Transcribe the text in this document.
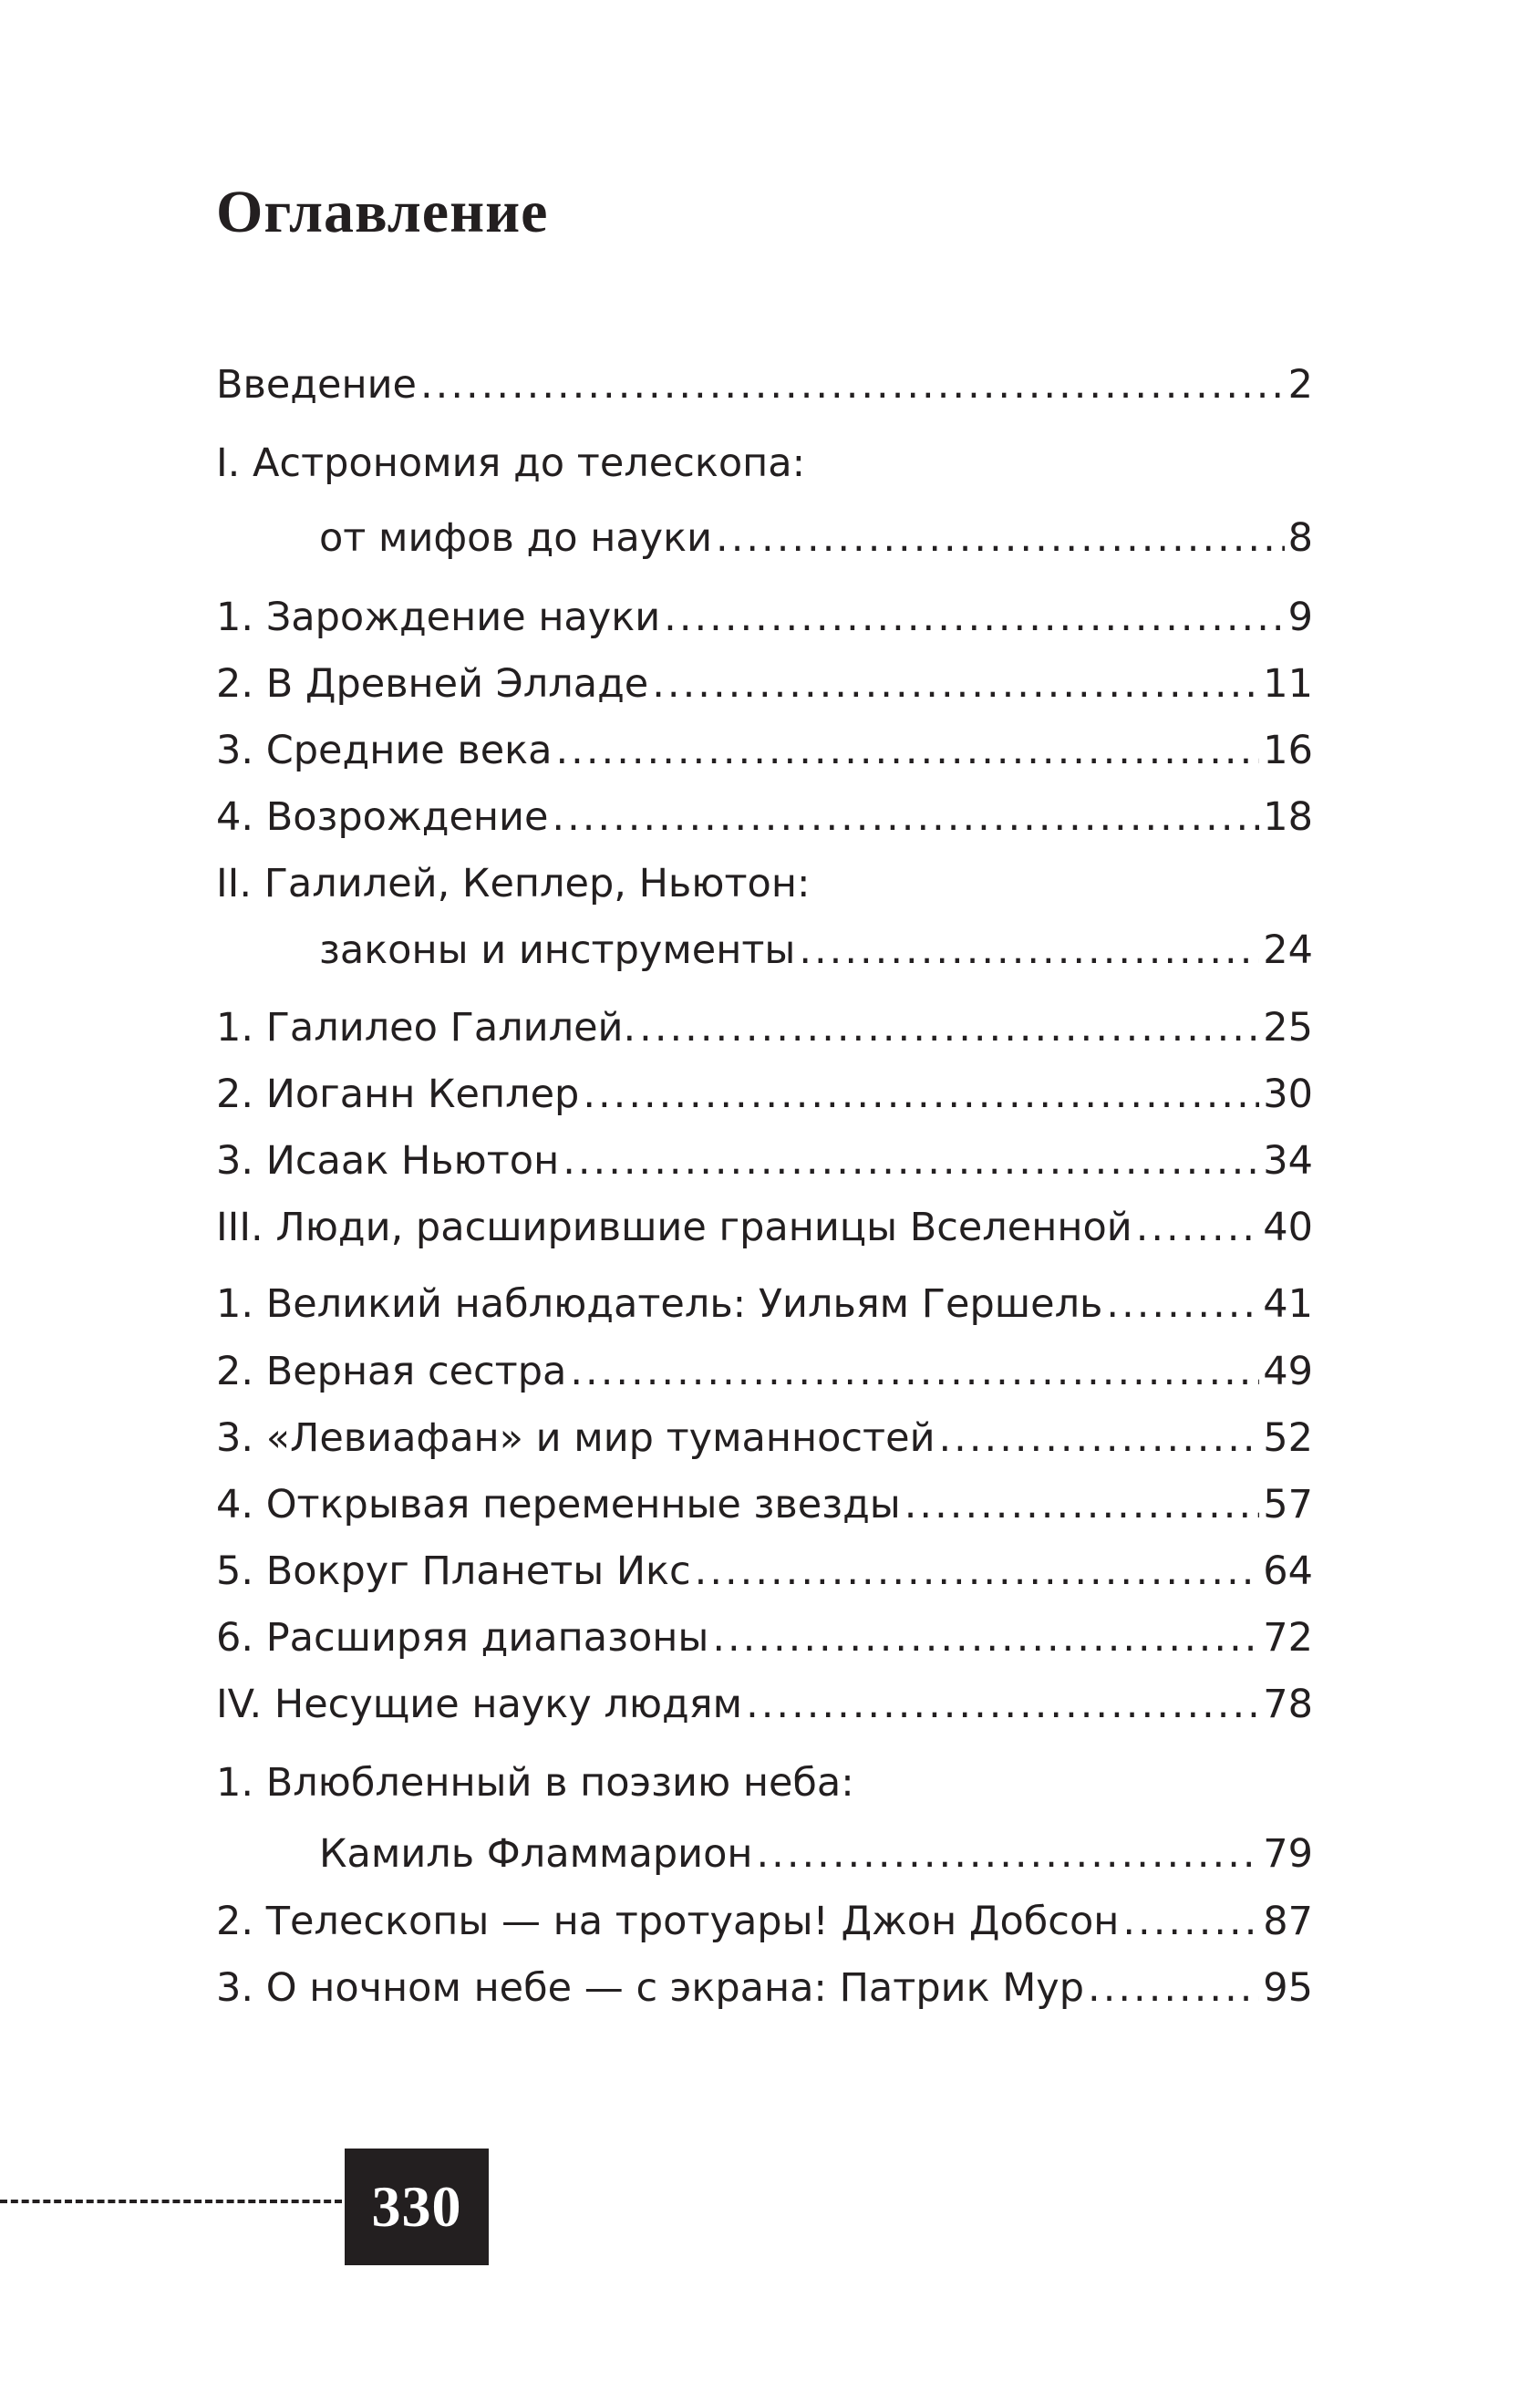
Оглавление
Введение .....	2
I. Астрономия до телескопа:
от мифов до науки .....	8
1. Зарождение науки .....	9
2. В Древней Элладе .....	11
3. Средние века .....	16
4. Возрождение .....	18
II. Галилей, Кеплер, Ньютон:
законы и инструменты .....	24
1. Галилео Галилей. .....	25
2. Иоганн Кеплер .....	30
3. Исаак Ньютон .....	34
III. Люди, расширившие границы Вселенной .....	40
1. Великий наблюдатель: Уильям Гершель .....	41
2. Верная сестра .....	49
3. «Левиафан» и мир туманностей .....	52
4. Открывая переменные звезды .....	57
5. Вокруг Планеты Икс .....	64
6. Расширяя диапазоны .....	72
IV. Несущие науку людям .....	78
1. Влюбленный в поэзию неба:
Камиль Фламмарион .....	79
2. Телескопы — на тротуары! Джон Добсон .....	87
3. О ночном небе — с экрана: Патрик Мур .....	95
330
